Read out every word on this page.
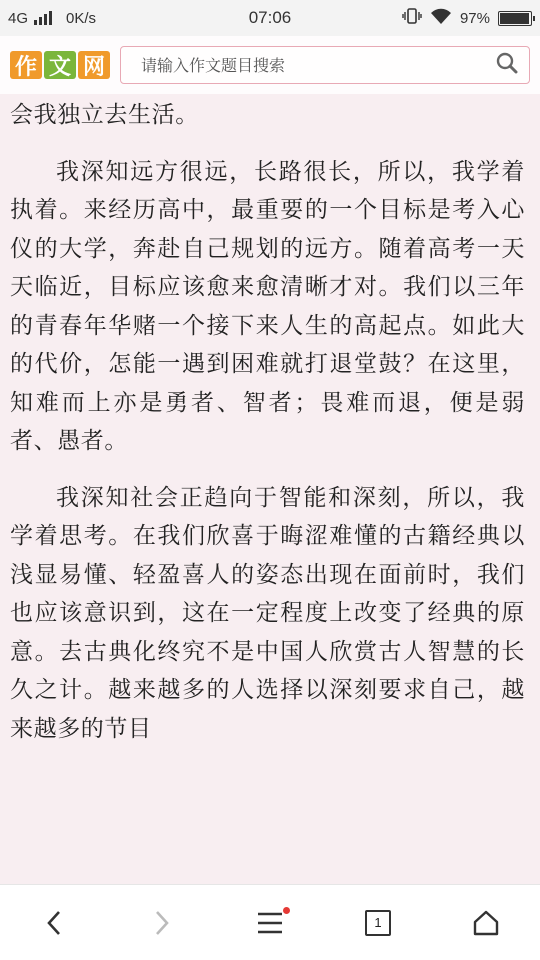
4G	0K/s	07:06	97%

会我独立去生活。

我深知远方很远，长路很长，所以，我学着执着。来经历高中，最重要的一个目标是考入心仪的大学，奔赴自己规划的远方。随着高考一天天临近，目标应该愈来愈清晰才对。我们以三年的青春年华赌一个接下来人生的高起点。如此大的代价，怎能一遇到困难就打退堂鼓？在这里，知难而上亦是勇者、智者；畏难而退，便是弱者、愚者。

我深知社会正趋向于智能和深刻，所以，我学着思考。在我们欣喜于晦涩难懂的古籍经典以浅显易懂、轻盈喜人的姿态出现在面前时，我们也应该意识到，这在一定程度上改变了经典的原意。去古典化终究不是中国人欣赏古人智慧的长久之计。越来越多的人选择以深刻要求自己，越来越多的节目

作 文 网
请输入作文题目搜索
1
